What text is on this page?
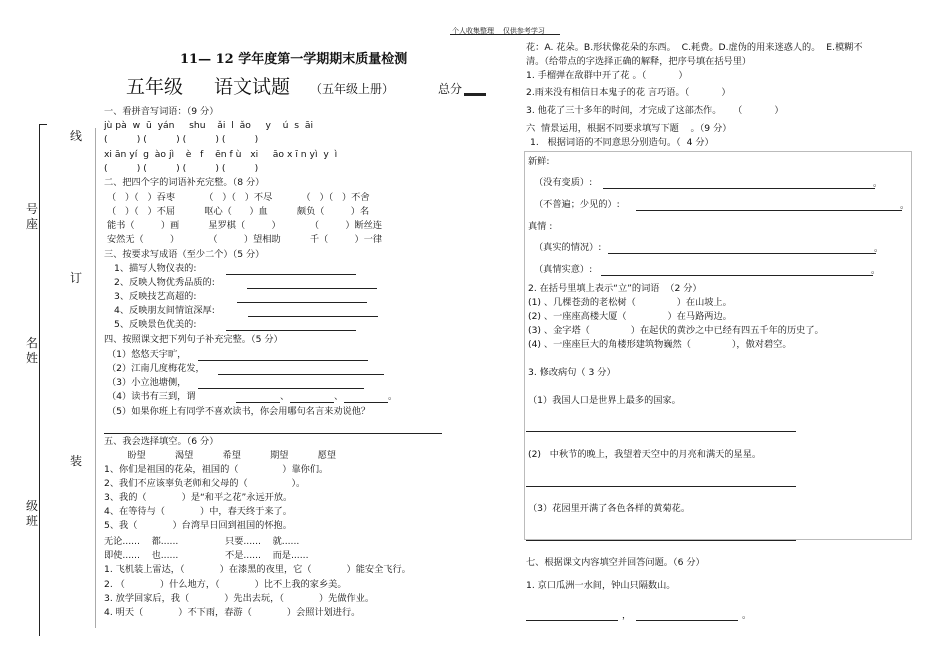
个人收集整理    仅供参考学习
线
订
装
号
座
名
姓
级
班
11— 12 学年度第一学期期末质量检测
五年级 语文试题 （五年级上册）	总分
一、看拼音写词语：（9 分）
jù pà  w  ū  yán     shu    ǎi  l  ǎo     y    ú  s  āi
(          ) (          ) (          ) (          )
xi ān yí  g  ào jì    è   f    ēn f ù   xi     āo x ī n yì  y  ì
(          ) (          ) (          ) (          )
二、把四个字的词语补充完整。（8 分）
（   ）（   ）吞枣          （   ）（   ）不尽          （   ）（   ）不舍
（   ）（   ）不屈          呕心（      ）血          颇负（         ）名
能书（         ）画          星罗棋（         ）          （         ）断丝连
安然无（         ）          （         ）望相助          千（         ）一律
三、按要求写成语（至少二个）（5 分）
1、描写人物仪表的:
2、反映人物优秀品质的:
3、反映技艺高超的:
4、反映朋友间情谊深厚:
5、反映景色优美的:
四、按照课文把下列句子补充完整。（5 分）
（1）悠悠天宇旷，
（2）江南几度梅花发，
（3）小立池塘侧，
（4）读书有三到，谓	、	、	。
（5）如果你班上有同学不喜欢读书，你会用哪句名言来劝说他？
五、我会选择填空。（6 分）
盼望          渴望          希望          期望          愿望
1、你们是祖国的花朵，祖国的（               ）靠你们。
2、我们不应该辜负老师和父母的（               ）。
3、我的（            ）是“和平之花”永远开放。
4、在等待与（            ）中，春天终于来了。
5、我（            ）台湾早日回到祖国的怀抱。
无论......    都......                只要......    就......
即使......    也......                不是......    而是......
1. 飞机装上雷达，（            ）在漆黑的夜里，它（            ）能安全飞行。
2. （            ）什么地方，（            ）比不上我的家乡美。
3. 放学回家后，我（            ）先出去玩，（            ）先做作业。
4. 明天（            ）不下雨，春游（            ）会照计划进行。
花：A. 花朵。B.形状像花朵的东西。  C.耗费。D.虚伪的用来迷惑人的。  E.模糊不
清。（给带点的字选择正确的解释，把序号填在括号里）
1. 手榴弹在敌群中开了花 。（           ）
2.雨来没有相信日本鬼子的花 言巧语。（           ）
3. 他花了三十多年的时间，才完成了这部杰作。    （           ）
六  情景运用，根据不同要求填写下题    。（9 分）
1.   根据词语的不同意思分别造句。（  4 分）
新鲜:
（没有变质）:	。
（不普遍；少见的）:	。
真情 :
（真实的情况）:	。
（真情实意）:	。
2. 在括号里填上表示“立”的词语  （2 分）
(1) 、几棵苍劲的老松树（              ）在山坡上。
(2) 、一座座高楼大厦（              ）在马路两边。
(3) 、金字塔（              ）在起伏的黄沙之中已经有四五千年的历史了。
(4) 、一座座巨大的角楼形建筑物巍然（              ），傲对碧空。
3. 修改病句（ 3 分）
（1）我国人口是世界上最多的国家。
(2)   中秋节的晚上，我望着天空中的月亮和满天的星星。
（3）花园里开满了各色各样的黄菊花。
七、根据课文内容填空并回答问题。（6 分）
1. 京口瓜洲一水间，钟山只隔数山。
，	。
